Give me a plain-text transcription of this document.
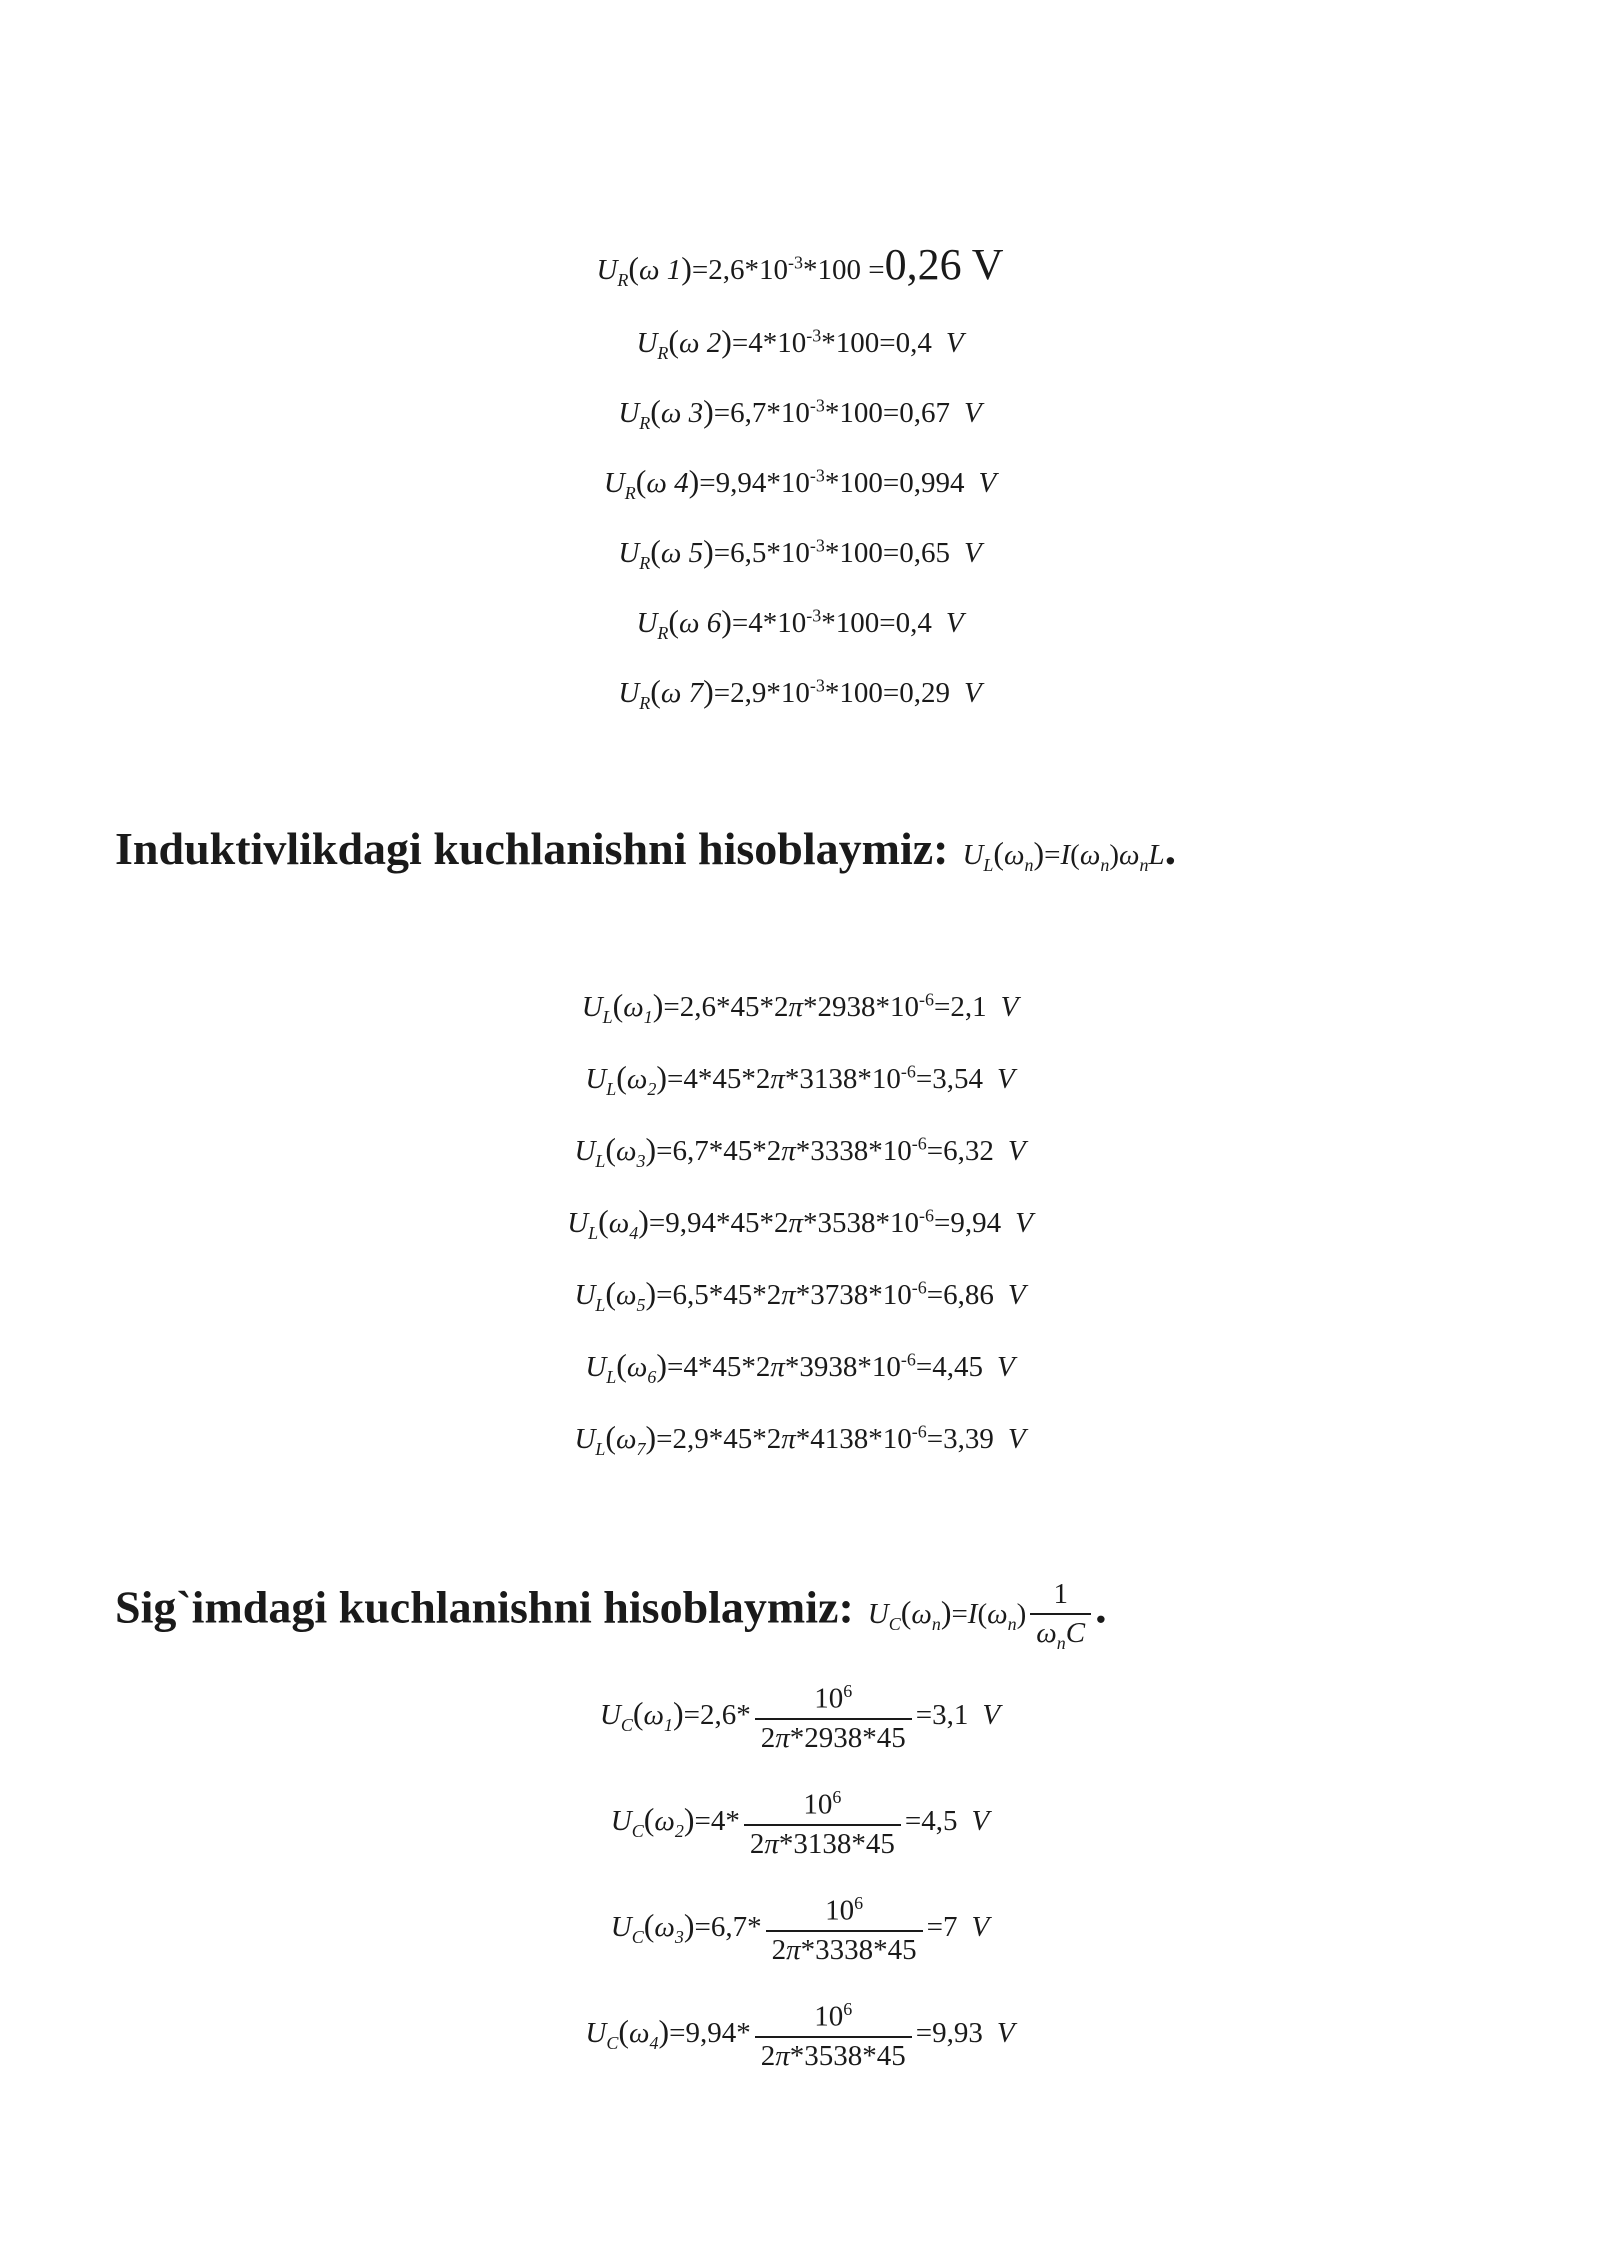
$U_R(\omega$ $1)=2,6*10^{-3}*100 =0,26$ V
$U_R(\omega$ $2)=4*10^{-3}*100=0,4$ V
$U_R(\omega$ $3)=6,7*10^{-3}*100=0,67$ V
$U_R(\omega$ $4)=9,94*10^{-3}*100=0,994$ V
$U_R(\omega$ $5)=6,5*10^{-3}*100=0,65$ V
$U_R(\omega$ $6)=4*10^{-3}*100=0,4$ V
$U_R(\omega$ $7)=2,9*10^{-3}*100=0,29$ V
Induktivlikdagi kuchlanishni hisoblaymiz: $U_L(\omega_n)=I(\omega_n)\omega_nL$.
$U_L(\omega_1)=2,6*45*2\pi*2938*10^{-6}=2,1$ V
$U_L(\omega_2)=4*45*2\pi*3138*10^{-6}=3,54$ V
$U_L(\omega_3)=6,7*45*2\pi*3338*10^{-6}=6,32$ V
$U_L(\omega_4)=9,94*45*2\pi*3538*10^{-6}=9,94$ V
$U_L(\omega_5)=6,5*45*2\pi*3738*10^{-6}=6,86$ V
$U_L(\omega_6)=4*45*2\pi*3938*10^{-6}=4,45$ V
$U_L(\omega_7)=2,9*45*2\pi*4138*10^{-6}=3,39$ V
Sig`imdagi kuchlanishni hisoblaymiz: $U_C(\omega_n)=I(\omega_n) \frac{1}{\omega_nC}$ .
$U_C(\omega_1)=2,6* \frac{10^6}{2\pi*2938*45} =3,1$ V
$U_C(\omega_2)=4* \frac{10^6}{2\pi*3138*45} =4,5$ V
$U_C(\omega_3)=6,7* \frac{10^6}{2\pi*3338*45} =7$ V
$U_C(\omega_4)=9,94* \frac{10^6}{2\pi*3538*45} =9,93$ V
